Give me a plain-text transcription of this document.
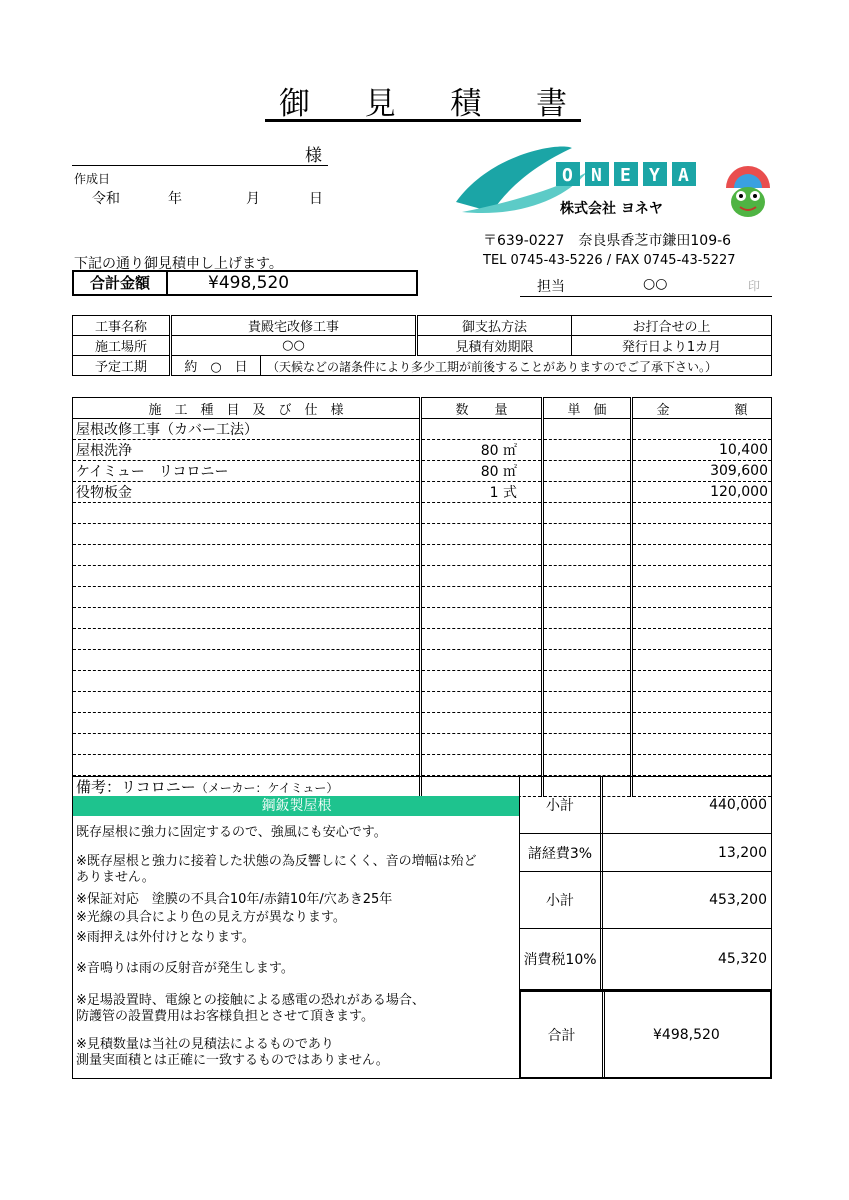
御 見 積 書
様
作成日
令和	年	月	日
下記の通り御見積申し上げます。
合計金額	¥498,520
O N E Y A
株式会社 ヨネヤ
〒639-0227　奈良県香芝市鎌田109-6
TEL 0745-43-5226 / FAX 0745-43-5227
担当	○○	印
工事名称	貴殿宅改修工事	御支払方法	お打合せの上
施工場所	○○	見積有効期限	発行日より1カ月
予定工期	約　○　日 （天候などの諸条件により多少工期が前後することがありますのでご了承下さい。）		
施　工　種　目　及　び　仕　様	数　　量	単　価	金　　　　　額
屋根改修工事（カバー工法）			
屋根洗浄	80 ㎡		10,400
ケイミュー　リコロニー	80 ㎡		309,600
役物板金	1 式		120,000

備考：リコロニー（メーカー：ケイミュー）

鋼鈑製屋根

既存屋根に強力に固定するので、強風にも安心です。

※既存屋根と強力に接着した状態の為反響しにくく、音の増幅は殆ど

ありません。

※保証対応　塗膜の不具合10年/赤錆10年/穴あき25年

※光線の具合により色の見え方が異なります。

※雨押えは外付けとなります。

※音鳴りは雨の反射音が発生します。

※足場設置時、電線との接触による感電の恐れがある場合、

防護管の設置費用はお客様負担とさせて頂きます。

※見積数量は当社の見積法によるものであり

測量実面積とは正確に一致するものではありません。

小計	440,000
諸経費3%	13,200
小計	453,200
消費税10%	45,320
合計	¥498,520
